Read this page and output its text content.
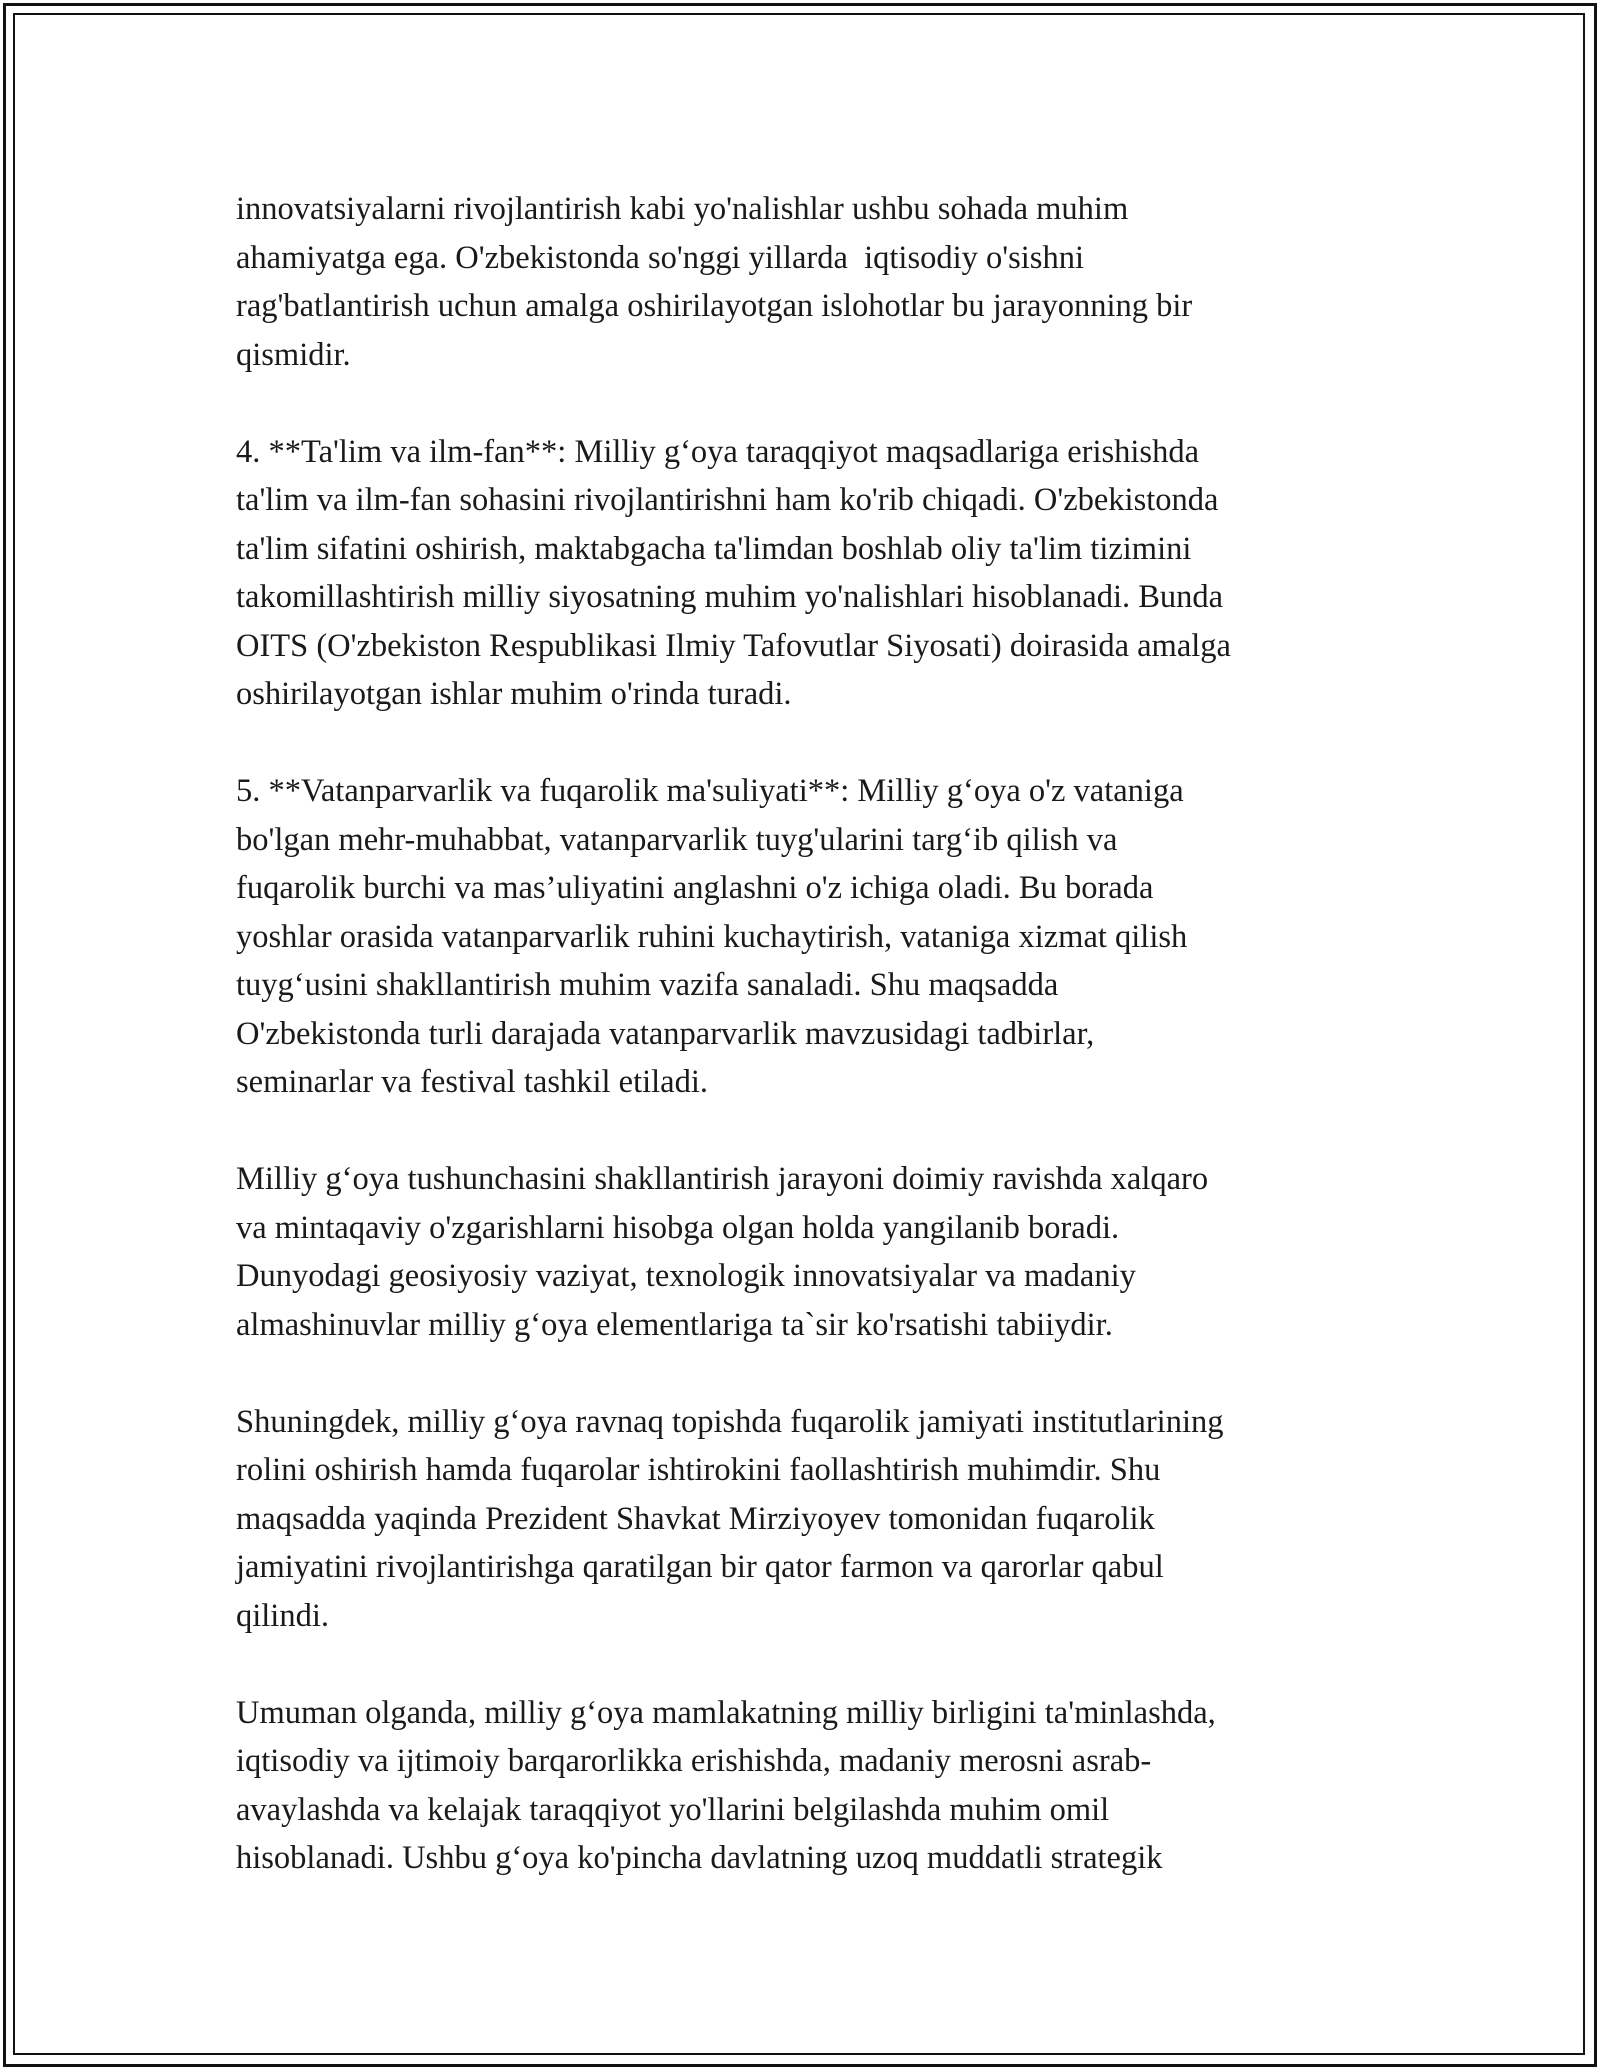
innovatsiyalarni rivojlantirish kabi yo'nalishlar ushbu sohada muhim
ahamiyatga ega. O'zbekistonda so'nggi yillarda  iqtisodiy o'sishni
rag'batlantirish uchun amalga oshirilayotgan islohotlar bu jarayonning bir
qismidir.

4. **Ta'lim va ilm-fan**: Milliy gʻoya taraqqiyot maqsadlariga erishishda
ta'lim va ilm-fan sohasini rivojlantirishni ham ko'rib chiqadi. O'zbekistonda
ta'lim sifatini oshirish, maktabgacha ta'limdan boshlab oliy ta'lim tizimini
takomillashtirish milliy siyosatning muhim yo'nalishlari hisoblanadi. Bunda
OITS (O'zbekiston Respublikasi Ilmiy Tafovutlar Siyosati) doirasida amalga
oshirilayotgan ishlar muhim o'rinda turadi.

5. **Vatanparvarlik va fuqarolik ma'suliyati**: Milliy gʻoya o'z vataniga
bo'lgan mehr-muhabbat, vatanparvarlik tuyg'ularini targʻib qilish va
fuqarolik burchi va mas’uliyatini anglashni o'z ichiga oladi. Bu borada
yoshlar orasida vatanparvarlik ruhini kuchaytirish, vataniga xizmat qilish
tuygʻusini shakllantirish muhim vazifa sanaladi. Shu maqsadda
O'zbekistonda turli darajada vatanparvarlik mavzusidagi tadbirlar,
seminarlar va festival tashkil etiladi.

Milliy gʻoya tushunchasini shakllantirish jarayoni doimiy ravishda xalqaro
va mintaqaviy o'zgarishlarni hisobga olgan holda yangilanib boradi.
Dunyodagi geosiyosiy vaziyat, texnologik innovatsiyalar va madaniy
almashinuvlar milliy gʻoya elementlariga ta`sir ko'rsatishi tabiiydir.

Shuningdek, milliy gʻoya ravnaq topishda fuqarolik jamiyati institutlarining
rolini oshirish hamda fuqarolar ishtirokini faollashtirish muhimdir. Shu
maqsadda yaqinda Prezident Shavkat Mirziyoyev tomonidan fuqarolik
jamiyatini rivojlantirishga qaratilgan bir qator farmon va qarorlar qabul
qilindi.

Umuman olganda, milliy gʻoya mamlakatning milliy birligini ta'minlashda,
iqtisodiy va ijtimoiy barqarorlikka erishishda, madaniy merosni asrab-
avaylashda va kelajak taraqqiyot yo'llarini belgilashda muhim omil
hisoblanadi. Ushbu gʻoya ko'pincha davlatning uzoq muddatli strategik
